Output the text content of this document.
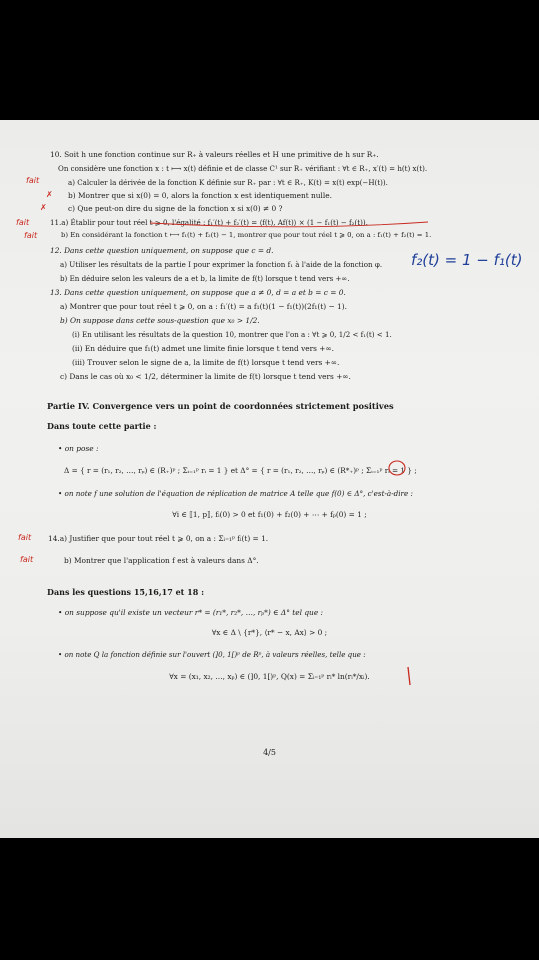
10. Soit h une fonction continue sur R₊ à valeurs réelles et H une primitive de h sur R₊.
On considère une fonction x : t ⟼ x(t) définie et de classe C¹ sur R₊ vérifiant : ∀t ∈ R₊, x′(t) = h(t) x(t).
a) Calculer la dérivée de la fonction K définie sur R₊ par : ∀t ∈ R₊, K(t) = x(t) exp(−H(t)).
b) Montrer que si x(0) = 0, alors la fonction x est identiquement nulle.
c) Que peut-on dire du signe de la fonction x si x(0) ≠ 0 ?
11.a) Établir pour tout réel t ⩾ 0, l'égalité : f₁′(t) + f₂′(t) = ⟨f(t), Af(t)⟩ × (1 − f₁(t) − f₂(t)).
b) En considérant la fonction t ⟼ f₁(t) + f₂(t) − 1, montrer que pour tout réel t ⩾ 0, on a : f₁(t) + f₂(t) = 1.
12. Dans cette question uniquement, on suppose que c = d.
a) Utiliser les résultats de la partie I pour exprimer la fonction f₁ à l'aide de la fonction φ.
b) En déduire selon les valeurs de a et b, la limite de f(t) lorsque t tend vers +∞.
13. Dans cette question uniquement, on suppose que a ≠ 0, d = a et b = c = 0.
a) Montrer que pour tout réel t ⩾ 0, on a : f₁′(t) = a f₁(t)(1 − f₁(t))(2f₁(t) − 1).
b) On suppose dans cette sous-question que x₀ > 1/2.
(i) En utilisant les résultats de la question 10, montrer que l'on a : ∀t ⩾ 0, 1/2 < f₁(t) < 1.
(ii) En déduire que f₁(t) admet une limite finie lorsque t tend vers +∞.
(iii) Trouver selon le signe de a, la limite de f(t) lorsque t tend vers +∞.
c) Dans le cas où x₀ < 1/2, déterminer la limite de f(t) lorsque t tend vers +∞.
Partie IV. Convergence vers un point de coordonnées strictement positives
Dans toute cette partie :
• on pose :
Δ = { r = (r₁, r₂, …, rₚ) ∈ (R₊)ᵖ ; Σᵢ₌₁ᵖ rᵢ = 1 } et Δ° = { r = (r₁, r₂, …, rₚ) ∈ (R*₊)ᵖ ; Σᵢ₌₁ᵖ rᵢ = 1 } ;
• on note f une solution de l'équation de réplication de matrice A telle que f(0) ∈ Δ°, c'est-à-dire :
∀i ∈ ⟦1, p⟧, fᵢ(0) > 0 et f₁(0) + f₂(0) + ⋯ + fₚ(0) = 1 ;
14.a) Justifier que pour tout réel t ⩾ 0, on a : Σᵢ₌₁ᵖ fᵢ(t) = 1.
b) Montrer que l'application f est à valeurs dans Δ°.
Dans les questions 15,16,17 et 18 :
• on suppose qu'il existe un vecteur r* = (r₁*, r₂*, …, rₚ*) ∈ Δ° tel que :
∀x ∈ Δ \ {r*}, ⟨r* − x, Ax⟩ > 0 ;
• on note Q la fonction définie sur l'ouvert (]0, 1[)ᵖ de Rᵖ, à valeurs réelles, telle que :
∀x = (x₁, x₂, …, xₚ) ∈ (]0, 1[)ᵖ, Q(x) = Σᵢ₌₁ᵖ rᵢ* ln(rᵢ*/xᵢ).
4/5
fait
✗
✗
fait
fait
f₂(t) = 1 − f₁(t)
fait
fait
